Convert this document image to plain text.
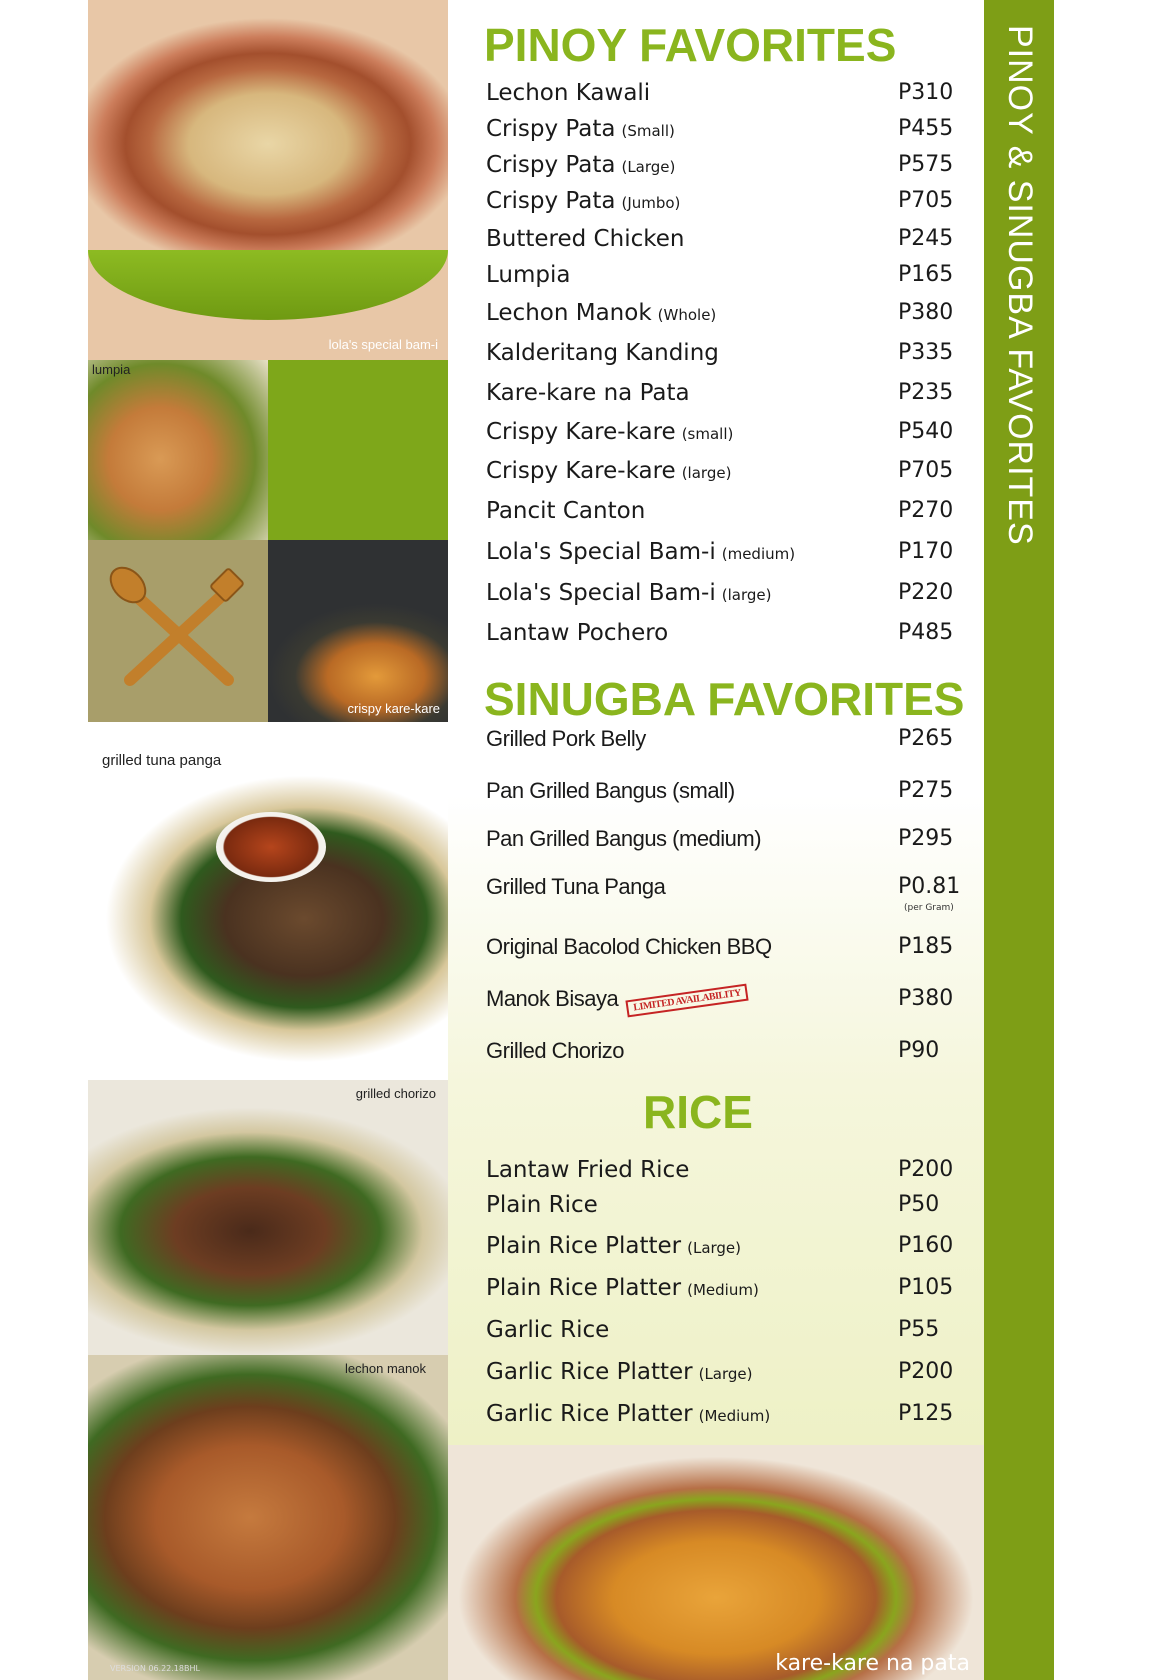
lola's special bam-i
lumpia
crispy kare-kare
grilled tuna panga
grilled chorizo
lechon manok
PINOY FAVORITES
Lechon Kawali	P310
Crispy Pata (Small)	P455
Crispy Pata (Large)	P575
Crispy Pata (Jumbo)	P705
Buttered Chicken	P245
Lumpia	P165
Lechon Manok (Whole)	P380
Kalderitang Kanding	P335
Kare-kare na Pata	P235
Crispy Kare-kare (small)	P540
Crispy Kare-kare (large)	P705
Pancit Canton	P270
Lola's Special Bam-i (medium)	P170
Lola's Special Bam-i (large)	P220
Lantaw Pochero	P485
SINUGBA FAVORITES
Grilled Pork Belly	P265
Pan Grilled Bangus (small)	P275
Pan Grilled Bangus (medium)	P295
Grilled Tuna Panga	P0.81
(per Gram)
Original Bacolod Chicken BBQ	P185
Manok Bisaya LIMITED AVAILABILITY	P380
Grilled Chorizo	P90
RICE
Lantaw Fried Rice	P200
Plain Rice	P50
Plain Rice Platter (Large)	P160
Plain Rice Platter (Medium)	P105
Garlic Rice	P55
Garlic Rice Platter (Large)	P200
Garlic Rice Platter (Medium)	P125
kare-kare na pata
PINOY & SINUGBA FAVORITES
VERSION 06.22.18BHL
